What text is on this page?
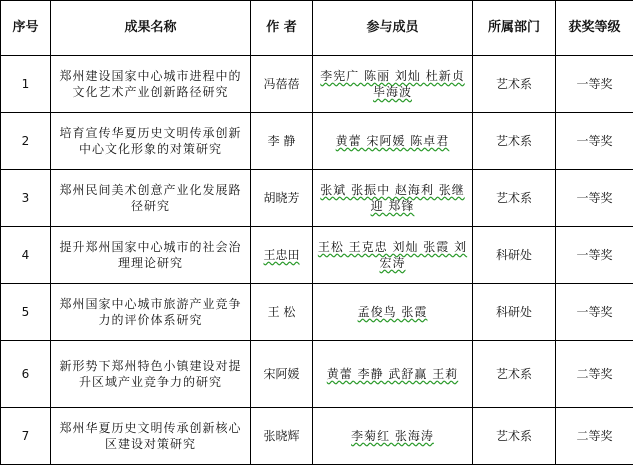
序号	成果名称	作 者	参与成员	所属部门	获奖等级
1	郑州建设国家中心城市进程中的文化艺术产业创新路径研究	冯蓓蓓	李宪广 陈丽 刘灿 杜新贞 毕海波	艺术系	一等奖
2	培育宣传华夏历史文明传承创新中心文化形象的对策研究	李 静	黄蕾 宋阿媛 陈卓君	艺术系	一等奖
3	郑州民间美术创意产业化发展路径研究	胡晓芳	张斌 张振中 赵海利 张继迎 郑锋	艺术系	一等奖
4	提升郑州国家中心城市的社会治理理论研究	王忠田	王松 王克忠 刘灿 张霞 刘宏涛	科研处	一等奖
5	郑州国家中心城市旅游产业竞争力的评价体系研究	王 松	孟俊鸟 张霞	科研处	一等奖
6	新形势下郑州特色小镇建设对提升区域产业竞争力的研究	宋阿媛	黄蕾 李静 武舒赢 王莉	艺术系	二等奖
7	郑州华夏历史文明传承创新核心区建设对策研究	张晓辉	李菊红 张海涛	艺术系	二等奖
